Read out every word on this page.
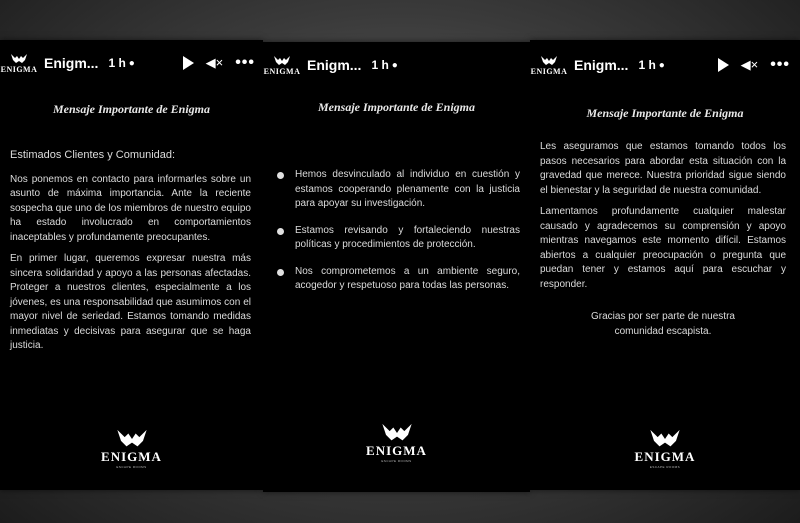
ENIGMA Enigm... 1 h ●	◀× •••
Mensaje Importante de Enigma

Estimados Clientes y Comunidad:

Nos ponemos en contacto para informarles sobre un asunto de máxima importancia. Ante la reciente sospecha que uno de los miembros de nuestro equipo ha estado involucrado en comportamientos inaceptables y profundamente preocupantes.

En primer lugar, queremos expresar nuestra más sincera solidaridad y apoyo a las personas afectadas. Proteger a nuestros clientes, especialmente a los jóvenes, es una responsabilidad que asumimos con el mayor nivel de seriedad. Estamos tomando medidas inmediatas y decisivas para asegurar que se haga justicia.

ENIGMA
ESCAPE ROOMS
ENIGMA Enigm... 1 h ●
Mensaje Importante de Enigma
Hemos desvinculado al individuo en cuestión y estamos cooperando plenamente con la justicia para apoyar su investigación.
Estamos revisando y fortaleciendo nuestras políticas y procedimientos de protección.
Nos comprometemos a un ambiente seguro, acogedor y respetuoso para todas las personas.
ENIGMA
ESCAPE ROOMS
ENIGMA Enigm... 1 h ●	◀× •••
Mensaje Importante de Enigma

Les aseguramos que estamos tomando todos los pasos necesarios para abordar esta situación con la gravedad que merece. Nuestra prioridad sigue siendo el bienestar y la seguridad de nuestra comunidad.

Lamentamos profundamente cualquier malestar causado y agradecemos su comprensión y apoyo mientras navegamos este momento difícil. Estamos abiertos a cualquier preocupación o pregunta que puedan tener y estamos aquí para escuchar y responder.

Gracias por ser parte de nuestra comunidad escapista.

ENIGMA
ESCAPE ROOMS
